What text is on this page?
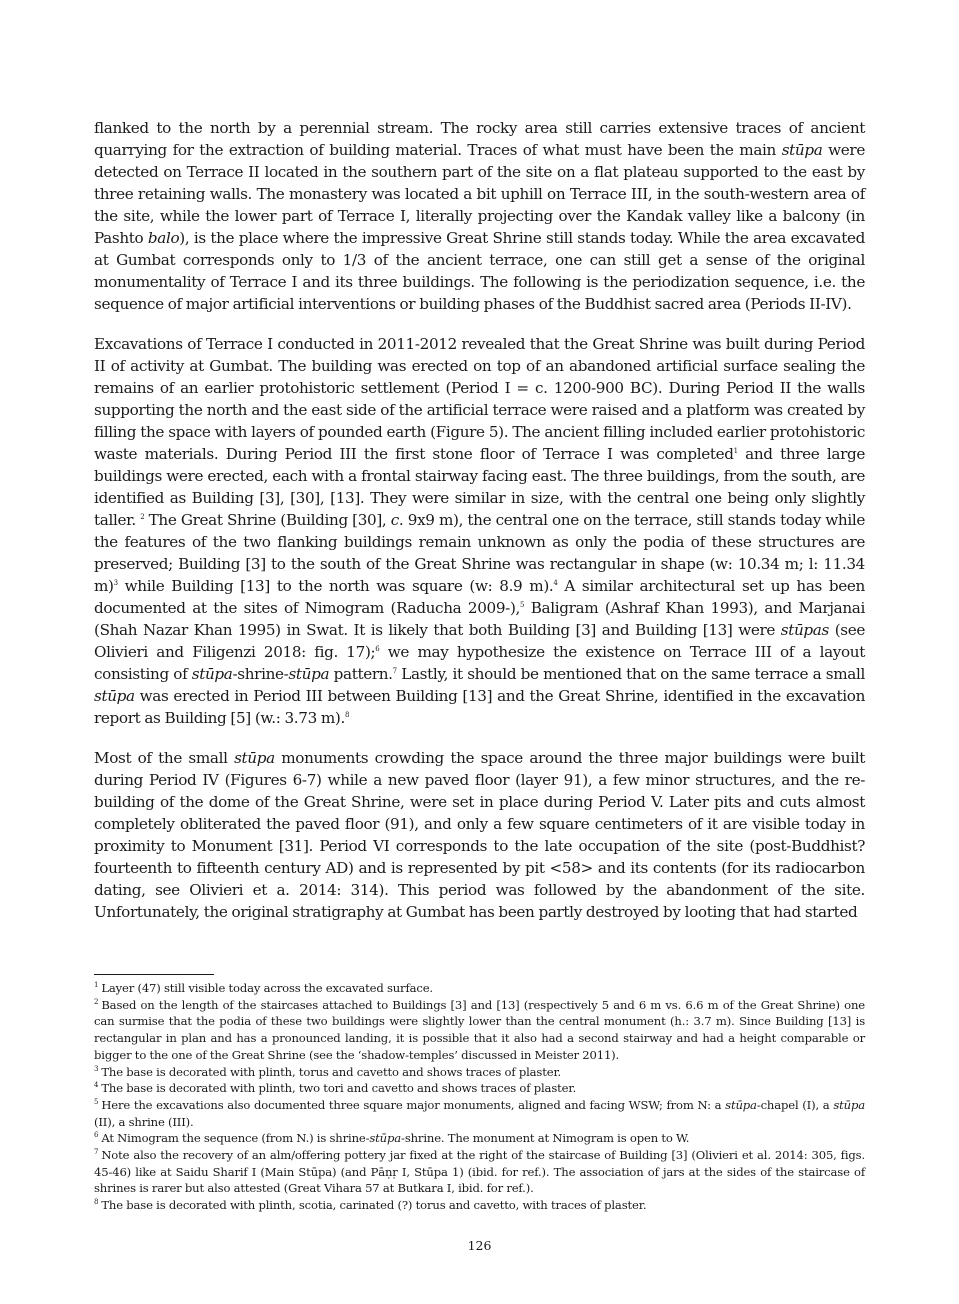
flanked to the north by a perennial stream. The rocky area still carries extensive traces of ancient quarrying for the extraction of building material. Traces of what must have been the main stūpa were detected on Terrace II located in the southern part of the site on a flat plateau supported to the east by three retaining walls. The monastery was located a bit uphill on Terrace III, in the south-western area of the site, while the lower part of Terrace I, literally projecting over the Kandak valley like a balcony (in Pashto balo), is the place where the impressive Great Shrine still stands today. While the area excavated at Gumbat corresponds only to 1/3 of the ancient terrace, one can still get a sense of the original monumentality of Terrace I and its three buildings. The following is the periodization sequence, i.e. the sequence of major artificial interventions or building phases of the Buddhist sacred area (Periods II-IV).

Excavations of Terrace I conducted in 2011-2012 revealed that the Great Shrine was built during Period II of activity at Gumbat. The building was erected on top of an abandoned artificial surface sealing the remains of an earlier protohistoric settlement (Period I = c. 1200-900 BC). During Period II the walls supporting the north and the east side of the artificial terrace were raised and a platform was created by filling the space with layers of pounded earth (Figure 5). The ancient filling included earlier protohistoric waste materials. During Period III the first stone floor of Terrace I was completed$^1$ and three large buildings were erected, each with a frontal stairway facing east. The three buildings, from the south, are identified as Building [3], [30], [13]. They were similar in size, with the central one being only slightly taller. $^2$ The Great Shrine (Building [30], c. 9x9 m), the central one on the terrace, still stands today while the features of the two flanking buildings remain unknown as only the podia of these structures are preserved; Building [3] to the south of the Great Shrine was rectangular in shape (w: 10.34 m; l: 11.34 m)$^3$ while Building [13] to the north was square (w: 8.9 m).$^4$ A similar architectural set up has been documented at the sites of Nimogram (Raducha 2009-),$^5$ Baligram (Ashraf Khan 1993), and Marjanai (Shah Nazar Khan 1995) in Swat. It is likely that both Building [3] and Building [13] were stūpas (see Olivieri and Filigenzi 2018: fig. 17);$^6$ we may hypothesize the existence on Terrace III of a layout consisting of stūpa-shrine-stūpa pattern.$^7$ Lastly, it should be mentioned that on the same terrace a small stūpa was erected in Period III between Building [13] and the Great Shrine, identified in the excavation report as Building [5] (w.: 3.73 m).$^8$

Most of the small stūpa monuments crowding the space around the three major buildings were built during Period IV (Figures 6-7) while a new paved floor (layer 91), a few minor structures, and the re-building of the dome of the Great Shrine, were set in place during Period V. Later pits and cuts almost completely obliterated the paved floor (91), and only a few square centimeters of it are visible today in proximity to Monument [31]. Period VI corresponds to the late occupation of the site (post-Buddhist? fourteenth to fifteenth century AD) and is represented by pit <58> and its contents (for its radiocarbon dating, see Olivieri et a. 2014: 314). This period was followed by the abandonment of the site. Unfortunately, the original stratigraphy at Gumbat has been partly destroyed by looting that had started

$^1$ Layer (47) still visible today across the excavated surface.

$^2$ Based on the length of the staircases attached to Buildings [3] and [13] (respectively 5 and 6 m vs. 6.6 m of the Great Shrine) one can surmise that the podia of these two buildings were slightly lower than the central monument (h.: 3.7 m). Since Building [13] is rectangular in plan and has a pronounced landing, it is possible that it also had a second stairway and had a height comparable or bigger to the one of the Great Shrine (see the ‘shadow-temples’ discussed in Meister 2011).

$^3$ The base is decorated with plinth, torus and cavetto and shows traces of plaster.

$^4$ The base is decorated with plinth, two tori and cavetto and shows traces of plaster.

$^5$ Here the excavations also documented three square major monuments, aligned and facing WSW; from N: a stūpa-chapel (I), a stūpa (II), a shrine (III).

$^6$ At Nimogram the sequence (from N.) is shrine-stūpa-shrine. The monument at Nimogram is open to W.

$^7$ Note also the recovery of an alm/offering pottery jar fixed at the right of the staircase of Building [3] (Olivieri et al. 2014: 305, figs. 45-46) like at Saidu Sharif I (Main Stūpa) (and Pāṇṛ I, Stūpa 1) (ibid. for ref.). The association of jars at the sides of the staircase of shrines is rarer but also attested (Great Vihara 57 at Butkara I, ibid. for ref.).

$^8$ The base is decorated with plinth, scotia, carinated (?) torus and cavetto, with traces of plaster.

126
